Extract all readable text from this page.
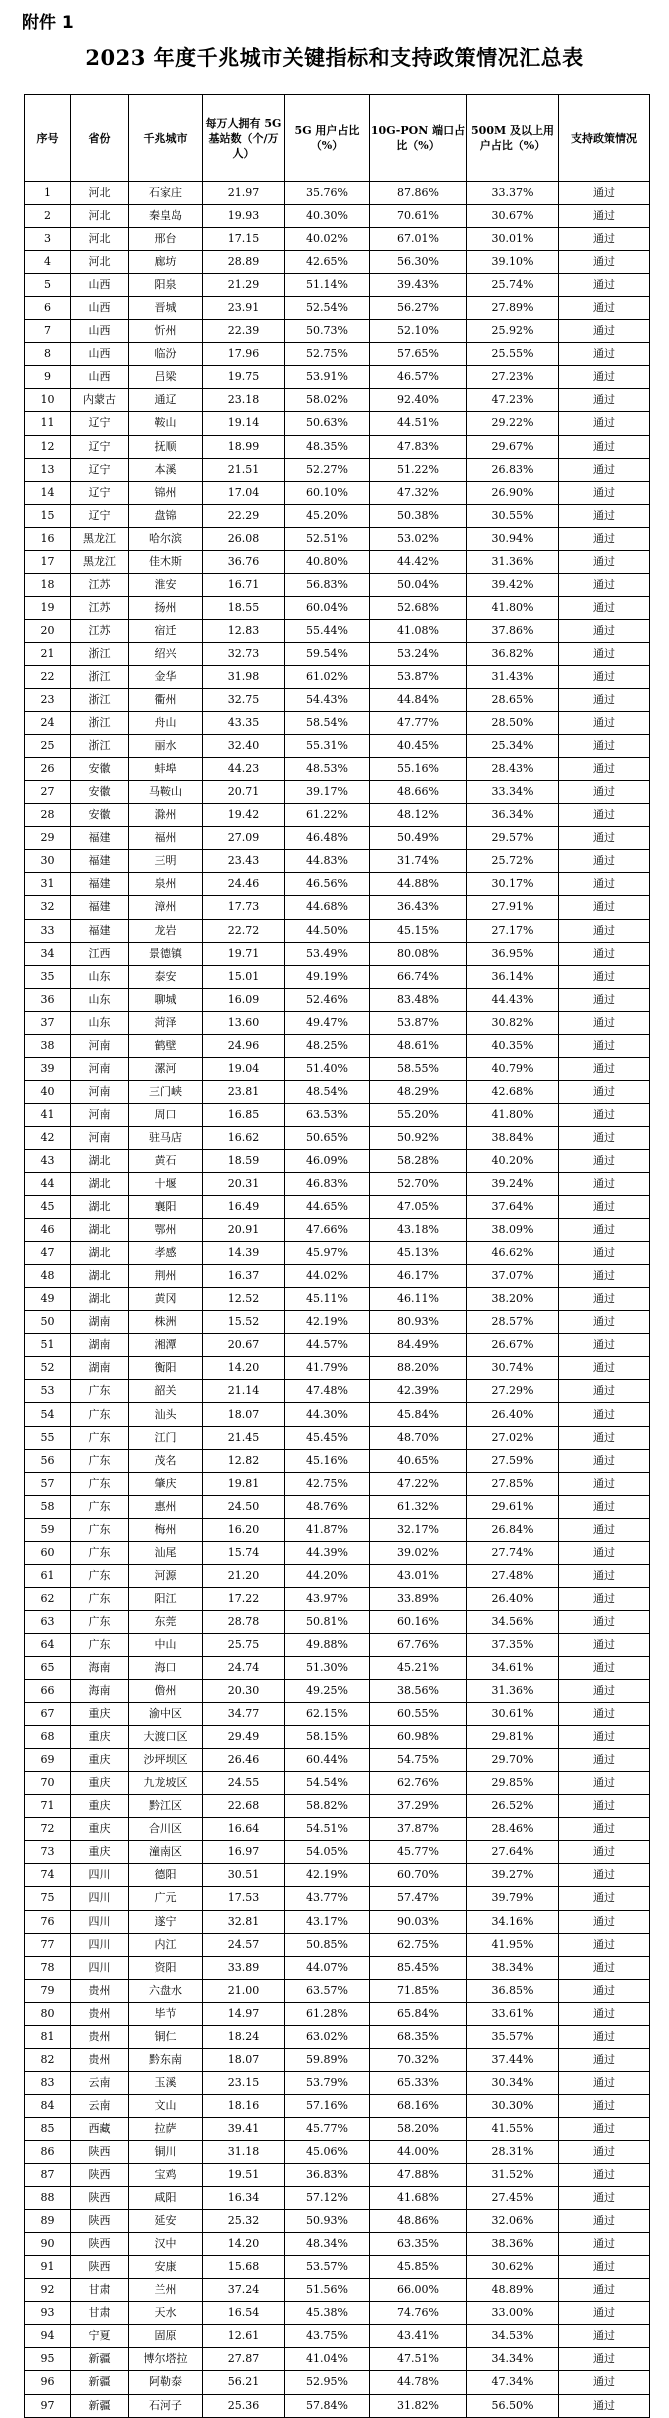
附件 1
2023 年度千兆城市关键指标和支持政策情况汇总表
序号	省份	千兆城市	每万人拥有 5G 基站数（个/万人）	5G 用户占比（%）	10G-PON 端口占比（%）	500M 及以上用户占比（%）	支持政策情况
1	河北	石家庄	21.97	35.76%	87.86%	33.37%	通过
2	河北	秦皇岛	19.93	40.30%	70.61%	30.67%	通过
3	河北	邢台	17.15	40.02%	67.01%	30.01%	通过
4	河北	廊坊	28.89	42.65%	56.30%	39.10%	通过
5	山西	阳泉	21.29	51.14%	39.43%	25.74%	通过
6	山西	晋城	23.91	52.54%	56.27%	27.89%	通过
7	山西	忻州	22.39	50.73%	52.10%	25.92%	通过
8	山西	临汾	17.96	52.75%	57.65%	25.55%	通过
9	山西	吕梁	19.75	53.91%	46.57%	27.23%	通过
10	内蒙古	通辽	23.18	58.02%	92.40%	47.23%	通过
11	辽宁	鞍山	19.14	50.63%	44.51%	29.22%	通过
12	辽宁	抚顺	18.99	48.35%	47.83%	29.67%	通过
13	辽宁	本溪	21.51	52.27%	51.22%	26.83%	通过
14	辽宁	锦州	17.04	60.10%	47.32%	26.90%	通过
15	辽宁	盘锦	22.29	45.20%	50.38%	30.55%	通过
16	黑龙江	哈尔滨	26.08	52.51%	53.02%	30.94%	通过
17	黑龙江	佳木斯	36.76	40.80%	44.42%	31.36%	通过
18	江苏	淮安	16.71	56.83%	50.04%	39.42%	通过
19	江苏	扬州	18.55	60.04%	52.68%	41.80%	通过
20	江苏	宿迁	12.83	55.44%	41.08%	37.86%	通过
21	浙江	绍兴	32.73	59.54%	53.24%	36.82%	通过
22	浙江	金华	31.98	61.02%	53.87%	31.43%	通过
23	浙江	衢州	32.75	54.43%	44.84%	28.65%	通过
24	浙江	舟山	43.35	58.54%	47.77%	28.50%	通过
25	浙江	丽水	32.40	55.31%	40.45%	25.34%	通过
26	安徽	蚌埠	44.23	48.53%	55.16%	28.43%	通过
27	安徽	马鞍山	20.71	39.17%	48.66%	33.34%	通过
28	安徽	滁州	19.42	61.22%	48.12%	36.34%	通过
29	福建	福州	27.09	46.48%	50.49%	29.57%	通过
30	福建	三明	23.43	44.83%	31.74%	25.72%	通过
31	福建	泉州	24.46	46.56%	44.88%	30.17%	通过
32	福建	漳州	17.73	44.68%	36.43%	27.91%	通过
33	福建	龙岩	22.72	44.50%	45.15%	27.17%	通过
34	江西	景德镇	19.71	53.49%	80.08%	36.95%	通过
35	山东	泰安	15.01	49.19%	66.74%	36.14%	通过
36	山东	聊城	16.09	52.46%	83.48%	44.43%	通过
37	山东	菏泽	13.60	49.47%	53.87%	30.82%	通过
38	河南	鹤壁	24.96	48.25%	48.61%	40.35%	通过
39	河南	漯河	19.04	51.40%	58.55%	40.79%	通过
40	河南	三门峡	23.81	48.54%	48.29%	42.68%	通过
41	河南	周口	16.85	63.53%	55.20%	41.80%	通过
42	河南	驻马店	16.62	50.65%	50.92%	38.84%	通过
43	湖北	黄石	18.59	46.09%	58.28%	40.20%	通过
44	湖北	十堰	20.31	46.83%	52.70%	39.24%	通过
45	湖北	襄阳	16.49	44.65%	47.05%	37.64%	通过
46	湖北	鄂州	20.91	47.66%	43.18%	38.09%	通过
47	湖北	孝感	14.39	45.97%	45.13%	46.62%	通过
48	湖北	荆州	16.37	44.02%	46.17%	37.07%	通过
49	湖北	黄冈	12.52	45.11%	46.11%	38.20%	通过
50	湖南	株洲	15.52	42.19%	80.93%	28.57%	通过
51	湖南	湘潭	20.67	44.57%	84.49%	26.67%	通过
52	湖南	衡阳	14.20	41.79%	88.20%	30.74%	通过
53	广东	韶关	21.14	47.48%	42.39%	27.29%	通过
54	广东	汕头	18.07	44.30%	45.84%	26.40%	通过
55	广东	江门	21.45	45.45%	48.70%	27.02%	通过
56	广东	茂名	12.82	45.16%	40.65%	27.59%	通过
57	广东	肇庆	19.81	42.75%	47.22%	27.85%	通过
58	广东	惠州	24.50	48.76%	61.32%	29.61%	通过
59	广东	梅州	16.20	41.87%	32.17%	26.84%	通过
60	广东	汕尾	15.74	44.39%	39.02%	27.74%	通过
61	广东	河源	21.20	44.20%	43.01%	27.48%	通过
62	广东	阳江	17.22	43.97%	33.89%	26.40%	通过
63	广东	东莞	28.78	50.81%	60.16%	34.56%	通过
64	广东	中山	25.75	49.88%	67.76%	37.35%	通过
65	海南	海口	24.74	51.30%	45.21%	34.61%	通过
66	海南	儋州	20.30	49.25%	38.56%	31.36%	通过
67	重庆	渝中区	34.77	62.15%	60.55%	30.61%	通过
68	重庆	大渡口区	29.49	58.15%	60.98%	29.81%	通过
69	重庆	沙坪坝区	26.46	60.44%	54.75%	29.70%	通过
70	重庆	九龙坡区	24.55	54.54%	62.76%	29.85%	通过
71	重庆	黔江区	22.68	58.82%	37.29%	26.52%	通过
72	重庆	合川区	16.64	54.51%	37.87%	28.46%	通过
73	重庆	潼南区	16.97	54.05%	45.77%	27.64%	通过
74	四川	德阳	30.51	42.19%	60.70%	39.27%	通过
75	四川	广元	17.53	43.77%	57.47%	39.79%	通过
76	四川	遂宁	32.81	43.17%	90.03%	34.16%	通过
77	四川	内江	24.57	50.85%	62.75%	41.95%	通过
78	四川	资阳	33.89	44.07%	85.45%	38.34%	通过
79	贵州	六盘水	21.00	63.57%	71.85%	36.85%	通过
80	贵州	毕节	14.97	61.28%	65.84%	33.61%	通过
81	贵州	铜仁	18.24	63.02%	68.35%	35.57%	通过
82	贵州	黔东南	18.07	59.89%	70.32%	37.44%	通过
83	云南	玉溪	23.15	53.79%	65.33%	30.34%	通过
84	云南	文山	18.16	57.16%	68.16%	30.30%	通过
85	西藏	拉萨	39.41	45.77%	58.20%	41.55%	通过
86	陕西	铜川	31.18	45.06%	44.00%	28.31%	通过
87	陕西	宝鸡	19.51	36.83%	47.88%	31.52%	通过
88	陕西	咸阳	16.34	57.12%	41.68%	27.45%	通过
89	陕西	延安	25.32	50.93%	48.86%	32.06%	通过
90	陕西	汉中	14.20	48.34%	63.35%	38.36%	通过
91	陕西	安康	15.68	53.57%	45.85%	30.62%	通过
92	甘肃	兰州	37.24	51.56%	66.00%	48.89%	通过
93	甘肃	天水	16.54	45.38%	74.76%	33.00%	通过
94	宁夏	固原	12.61	43.75%	43.41%	34.53%	通过
95	新疆	博尔塔拉	27.87	41.04%	47.51%	34.34%	通过
96	新疆	阿勒泰	56.21	52.95%	44.78%	47.34%	通过
97	新疆	石河子	25.36	57.84%	31.82%	56.50%	通过
